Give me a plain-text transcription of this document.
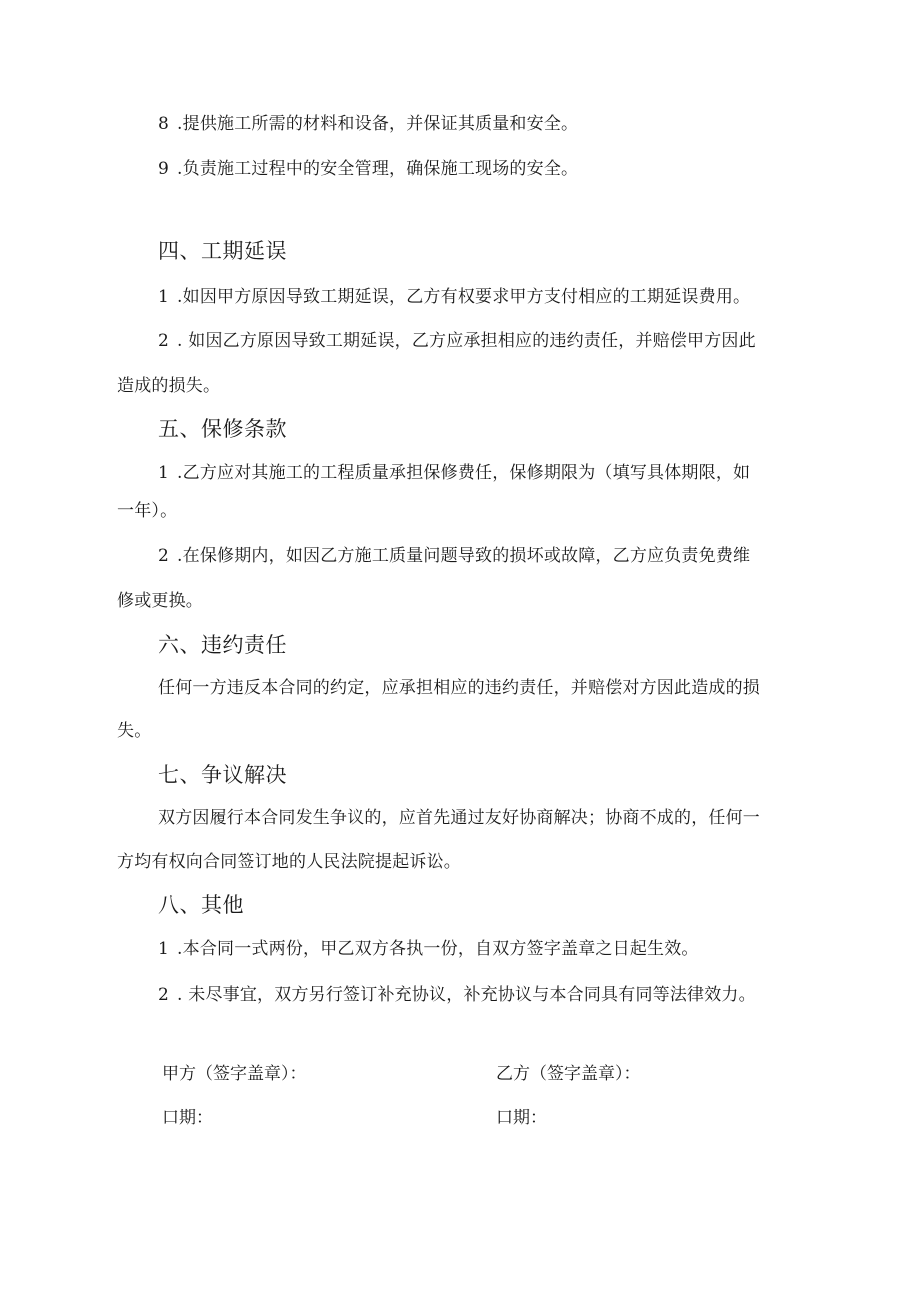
8 .提供施工所需的材料和设备，并保证其质量和安全。
9 .负责施工过程中的安全管理，确保施工现场的安全。
四、工期延误
1 .如因甲方原因导致工期延误，乙方有权要求甲方支付相应的工期延误费用。
2 . 如因乙方原因导致工期延误，乙方应承担相应的违约责任，并赔偿甲方因此
造成的损失。
五、保修条款
1 .乙方应对其施工的工程质量承担保修费任，保修期限为（填写具体期限，如
一年）。
2 .在保修期内，如因乙方施工质量问题导致的损坏或故障，乙方应负责免费维
修或更换。
六、违约责任
任何一方违反本合同的约定，应承担相应的违约责任，并赔偿对方因此造成的损
失。
七、争议解决
双方因履行本合同发生争议的，应首先通过友好协商解决；协商不成的，任何一
方均有权向合同签订地的人民法院提起诉讼。
八、其他
1 .本合同一式两份，甲乙双方各执一份，自双方签字盖章之日起生效。
2 . 未尽事宜，双方另行签订补充协议，补充协议与本合同具有同等法律效力。
甲方（签字盖章）：	乙方（签字盖章）：
口期：	口期：
